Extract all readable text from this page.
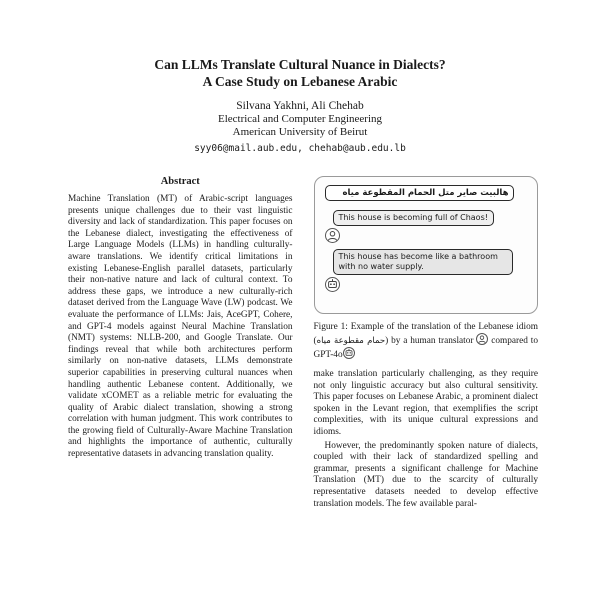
Can LLMs Translate Cultural Nuance in Dialects?
A Case Study on Lebanese Arabic
Silvana Yakhni, Ali Chehab
Electrical and Computer Engineering
American University of Beirut
syy06@mail.aub.edu, chehab@aub.edu.lb
Abstract
Machine Translation (MT) of Arabic-script languages presents unique challenges due to their vast linguistic diversity and lack of standardization. This paper focuses on the Lebanese dialect, investigating the effectiveness of Large Language Models (LLMs) in handling culturally-aware translations. We identify critical limitations in existing Lebanese-English parallel datasets, particularly their non-native nature and lack of cultural context. To address these gaps, we introduce a new culturally-rich dataset derived from the Language Wave (LW) podcast. We evaluate the performance of LLMs: Jais, AceGPT, Cohere, and GPT-4 models against Neural Machine Translation (NMT) systems: NLLB-200, and Google Translate. Our findings reveal that while both architectures perform similarly on non-native datasets, LLMs demonstrate superior capabilities in preserving cultural nuances when handling authentic Lebanese content. Additionally, we validate xCOMET as a reliable metric for evaluating the quality of Arabic dialect translation, showing a strong correlation with human judgment. This work contributes to the growing field of Culturally-Aware Machine Translation and highlights the importance of authentic, culturally representative datasets in advancing translation quality.
هالبيت صاير متل الحمام المقطوعة مياه
This house is becoming full of Chaos!
This house has become like a bathroom with no water supply.
Figure 1: Example of the translation of the Lebanese idiom (حمام مقطوعة مياه) by a human translator
compared to GPT-4o
make translation particularly challenging, as they require not only linguistic accuracy but also cultural sensitivity. This paper focuses on Lebanese Arabic, a prominent dialect spoken in the Levant region, that exemplifies the script complexities, with its unique cultural expressions and idioms.
However, the predominantly spoken nature of dialects, coupled with their lack of standardized spelling and grammar, presents a significant challenge for Machine Translation (MT) due to the scarcity of culturally representative datasets needed to develop effective translation models. The few available paral-
